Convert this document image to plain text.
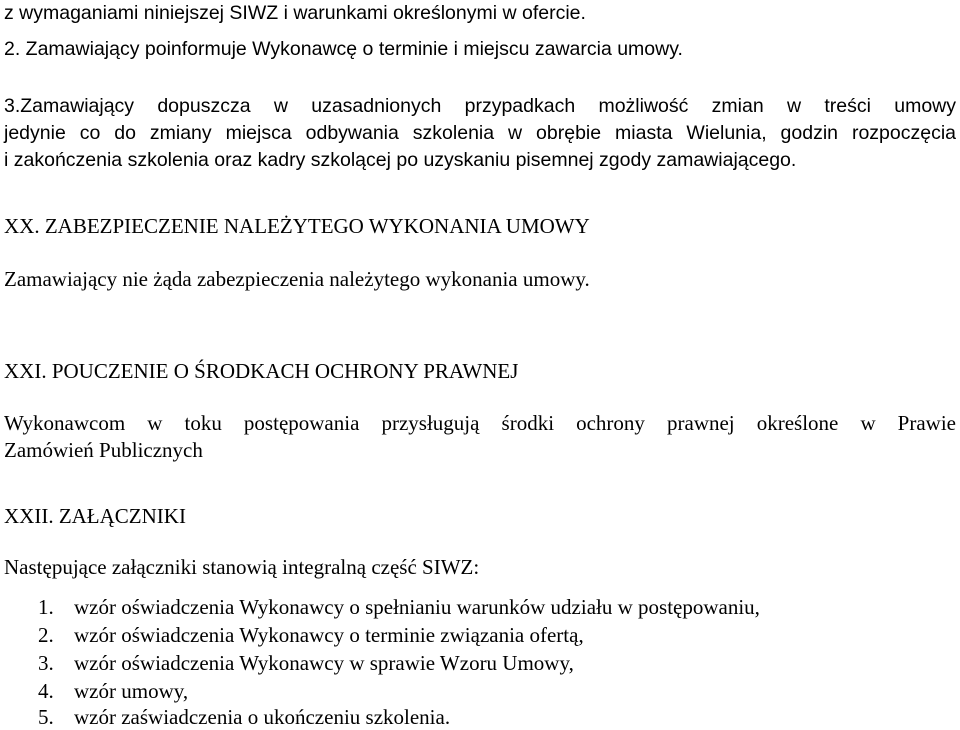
z wymaganiami niniejszej SIWZ i warunkami określonymi w ofercie.
2. Zamawiający poinformuje Wykonawcę o terminie i miejscu zawarcia umowy.
3.Zamawiający dopuszcza w uzasadnionych przypadkach możliwość zmian w treści umowy
jedynie co do zmiany miejsca odbywania szkolenia w obrębie miasta Wielunia, godzin rozpoczęcia
i zakończenia szkolenia oraz kadry szkolącej po uzyskaniu pisemnej zgody zamawiającego.
XX. ZABEZPIECZENIE NALEŻYTEGO WYKONANIA UMOWY
Zamawiający nie żąda zabezpieczenia należytego wykonania umowy.
XXI. POUCZENIE O ŚRODKACH OCHRONY PRAWNEJ
Wykonawcom w toku postępowania przysługują środki ochrony prawnej określone w Prawie
Zamówień Publicznych
XXII. ZAŁĄCZNIKI
Następujące załączniki stanowią integralną część SIWZ:
1. wzór oświadczenia Wykonawcy o spełnianiu warunków udziału w postępowaniu,
2. wzór oświadczenia Wykonawcy o terminie związania ofertą,
3. wzór oświadczenia Wykonawcy w sprawie Wzoru Umowy,
4. wzór umowy,
5. wzór zaświadczenia o ukończeniu szkolenia.
